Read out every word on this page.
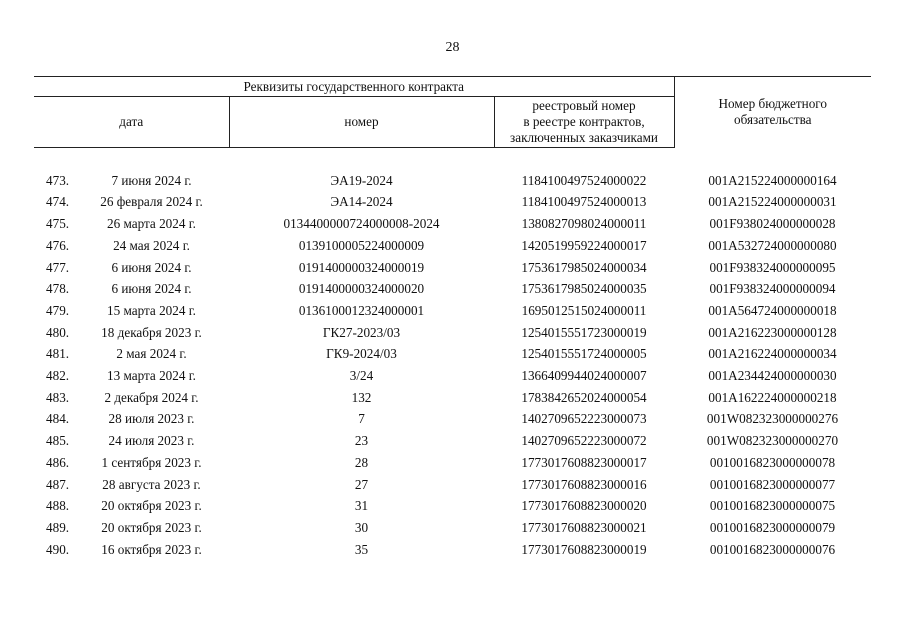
28
Реквизиты государственного контракта				Номер бюджетного
обязательства

дата		номер	реестровый номер
в реестре контрактов,
заключенных заказчиками	

473.	7 июня 2024 г.	ЭА19-2024	1184100497524000022	001А215224000000164
474.	26 февраля 2024 г.	ЭА14-2024	1184100497524000013	001А215224000000031
475.	26 марта 2024 г.	0134400000724000008-2024	1380827098024000011	001F938024000000028
476.	24 мая 2024 г.	0139100005224000009	1420519959224000017	001А532724000000080
477.	6 июня 2024 г.	0191400000324000019	1753617985024000034	001F938324000000095
478.	6 июня 2024 г.	0191400000324000020	1753617985024000035	001F938324000000094
479.	15 марта 2024 г.	0136100012324000001	1695012515024000011	001А564724000000018
480.	18 декабря 2023 г.	ГК27-2023/03	1254015551723000019	001А216223000000128
481.	2 мая 2024 г.	ГК9-2024/03	1254015551724000005	001А216224000000034
482.	13 марта 2024 г.	3/24	1366409944024000007	001А234424000000030
483.	2 декабря 2024 г.	132	1783842652024000054	001А162224000000218
484.	28 июля 2023 г.	7	1402709652223000073	001W082323000000276
485.	24 июля 2023 г.	23	1402709652223000072	001W082323000000270
486.	1 сентября 2023 г.	28	1773017608823000017	0010016823000000078
487.	28 августа 2023 г.	27	1773017608823000016	0010016823000000077
488.	20 октября 2023 г.	31	1773017608823000020	0010016823000000075
489.	20 октября 2023 г.	30	1773017608823000021	0010016823000000079
490.	16 октября 2023 г.	35	1773017608823000019	0010016823000000076
